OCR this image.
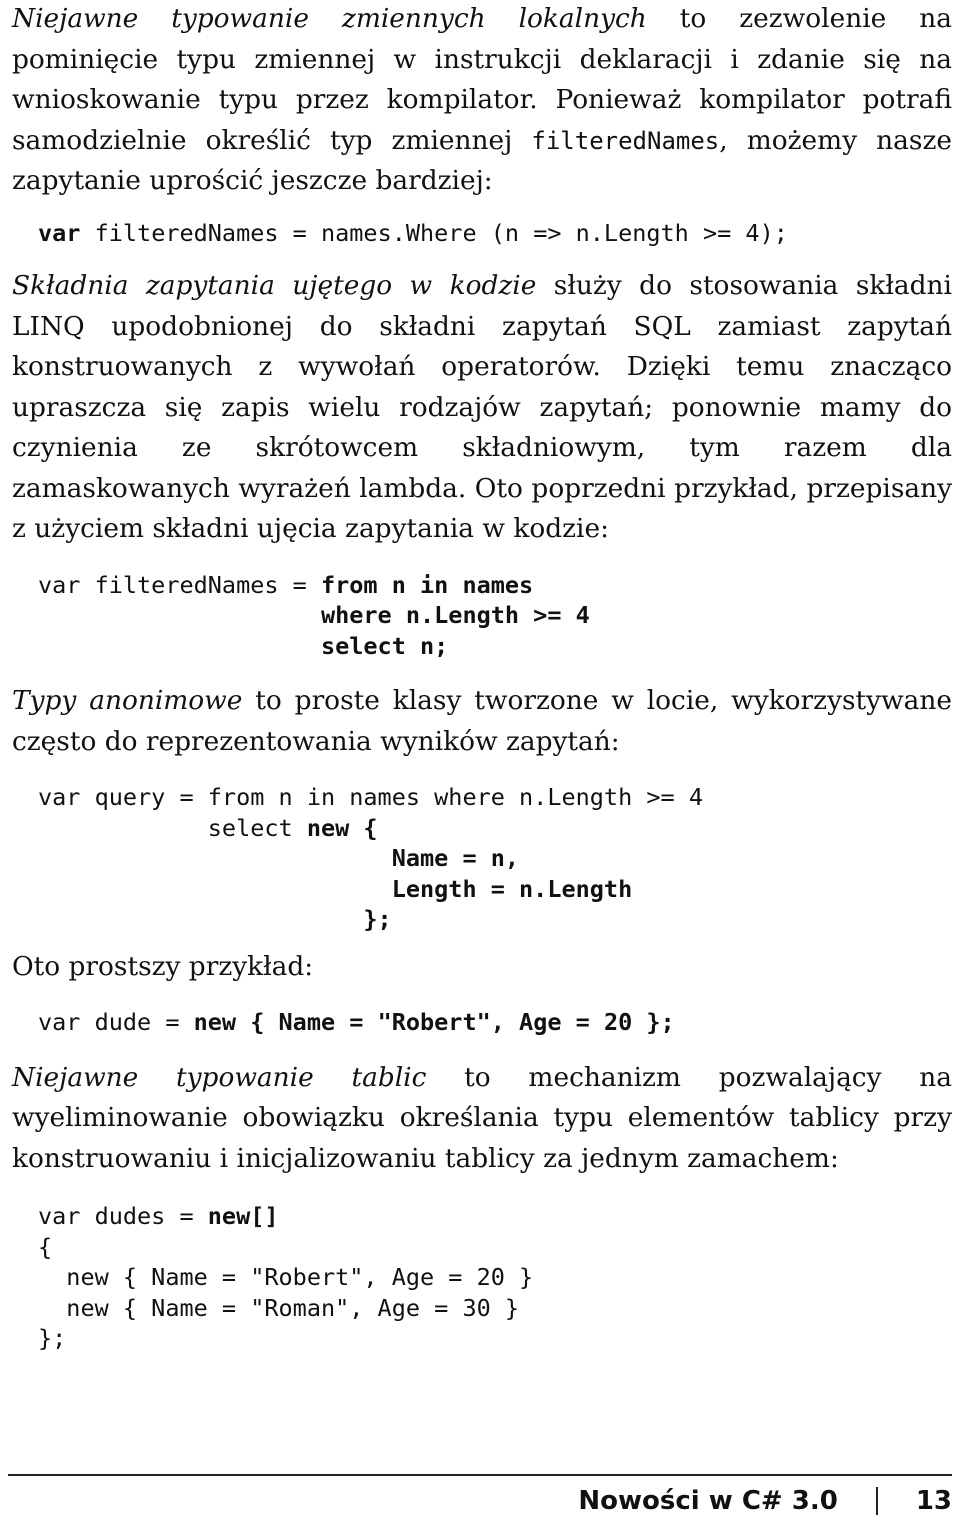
Niejawne typowanie zmiennych lokalnych to zezwolenie na pominięcie typu zmiennej w instrukcji deklaracji i zdanie się na wnioskowanie typu przez kompilator. Ponieważ kompilator potrafi samodzielnie określić typ zmiennej filteredNames, możemy nasze zapytanie uprościć jeszcze bardziej:

var filteredNames = names.Where (n => n.Length >= 4);

Składnia zapytania ujętego w kodzie służy do stosowania składni LINQ upodobnionej do składni zapytań SQL zamiast zapytań konstruowanych z wywołań operatorów. Dzięki temu znacząco upraszcza się zapis wielu rodzajów zapytań; ponownie mamy do czynienia ze skrótowcem składniowym, tym razem dla zamaskowanych wyrażeń lambda. Oto poprzedni przykład, przepisany z użyciem składni ujęcia zapytania w kodzie:

var filteredNames = from n in names
where n.Length >= 4
select n;

Typy anonimowe to proste klasy tworzone w locie, wykorzystywane często do reprezentowania wyników zapytań:

var query = from n in names where n.Length >= 4
select new {
Name = n,
Length = n.Length
};

Oto prostszy przykład:

var dude = new { Name = "Robert", Age = 20 };

Niejawne typowanie tablic to mechanizm pozwalający na wyeliminowanie obowiązku określania typu elementów tablicy przy konstruowaniu i inicjalizowaniu tablicy za jednym zamachem:

var dudes = new[]
{
new { Name = "Robert", Age = 20 }
new { Name = "Roman", Age = 30 }
};
Nowości w C# 3.0	13
